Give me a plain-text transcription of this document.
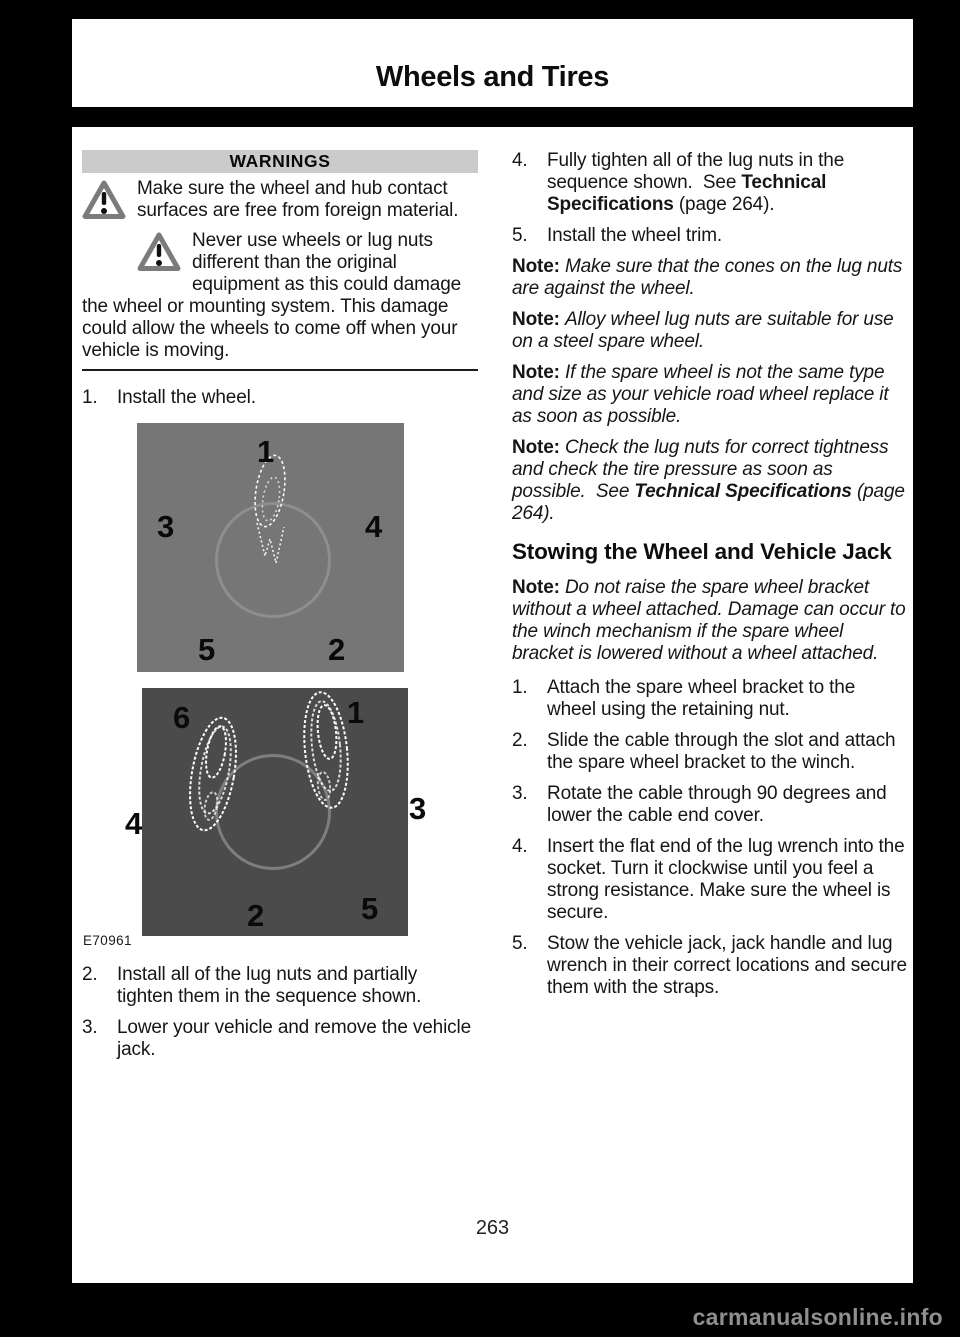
Wheels and Tires
WARNINGS

Make sure the wheel and hub contact surfaces are free from foreign material.

Never use wheels or lug nuts different than the original equipment as this could damage the wheel or mounting system. This damage could allow the wheels to come off when your vehicle is moving.

1.	Install the wheel.
1
3	4
5	2
6	1
4	3
2	5
E70961
2.	Install all of the lug nuts and partially tighten them in the sequence shown.
3.	Lower your vehicle and remove the vehicle jack.
4.	Fully tighten all of the lug nuts in the sequence shown.  See Technical Specifications (page 264).
5.	Install the wheel trim.

Note: Make sure that the cones on the lug nuts are against the wheel.

Note: Alloy wheel lug nuts are suitable for use on a steel spare wheel.

Note: If the spare wheel is not the same type and size as your vehicle road wheel replace it as soon as possible.

Note: Check the lug nuts for correct tightness and check the tire pressure as soon as possible.  See Technical Specifications (page 264).

Stowing the Wheel and Vehicle Jack

Note: Do not raise the spare wheel bracket without a wheel attached. Damage can occur to the winch mechanism if the spare wheel bracket is lowered without a wheel attached.

1.	Attach the spare wheel bracket to the wheel using the retaining nut.
2.	Slide the cable through the slot and attach the spare wheel bracket to the winch.
3.	Rotate the cable through 90 degrees and lower the cable end cover.
4.	Insert the flat end of the lug wrench into the socket. Turn it clockwise until you feel a strong resistance. Make sure the wheel is secure.
5.	Stow the vehicle jack, jack handle and lug wrench in their correct locations and secure them with the straps.
263
carmanualsonline.info
